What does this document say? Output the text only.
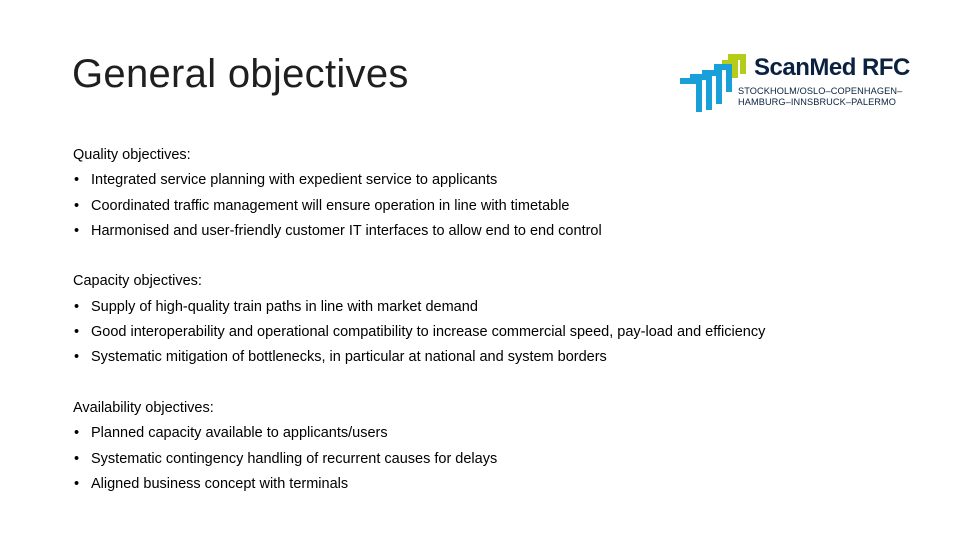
General objectives	ScanMed RFC
STOCKHOLM/OSLO–COPENHAGEN–
HAMBURG–INNSBRUCK–PALERMO
Quality objectives:
• Integrated service planning with expedient service to applicants
• Coordinated traffic management will ensure operation in line with timetable
• Harmonised and user-friendly customer IT interfaces to allow end to end control
Capacity objectives:
• Supply of high-quality train paths in line with market demand
• Good interoperability and operational compatibility to increase commercial speed, pay-load and efficiency
• Systematic mitigation of bottlenecks, in particular at national and system borders
Availability objectives:
• Planned capacity available to applicants/users
• Systematic contingency handling of recurrent causes for delays
• Aligned business concept with terminals
